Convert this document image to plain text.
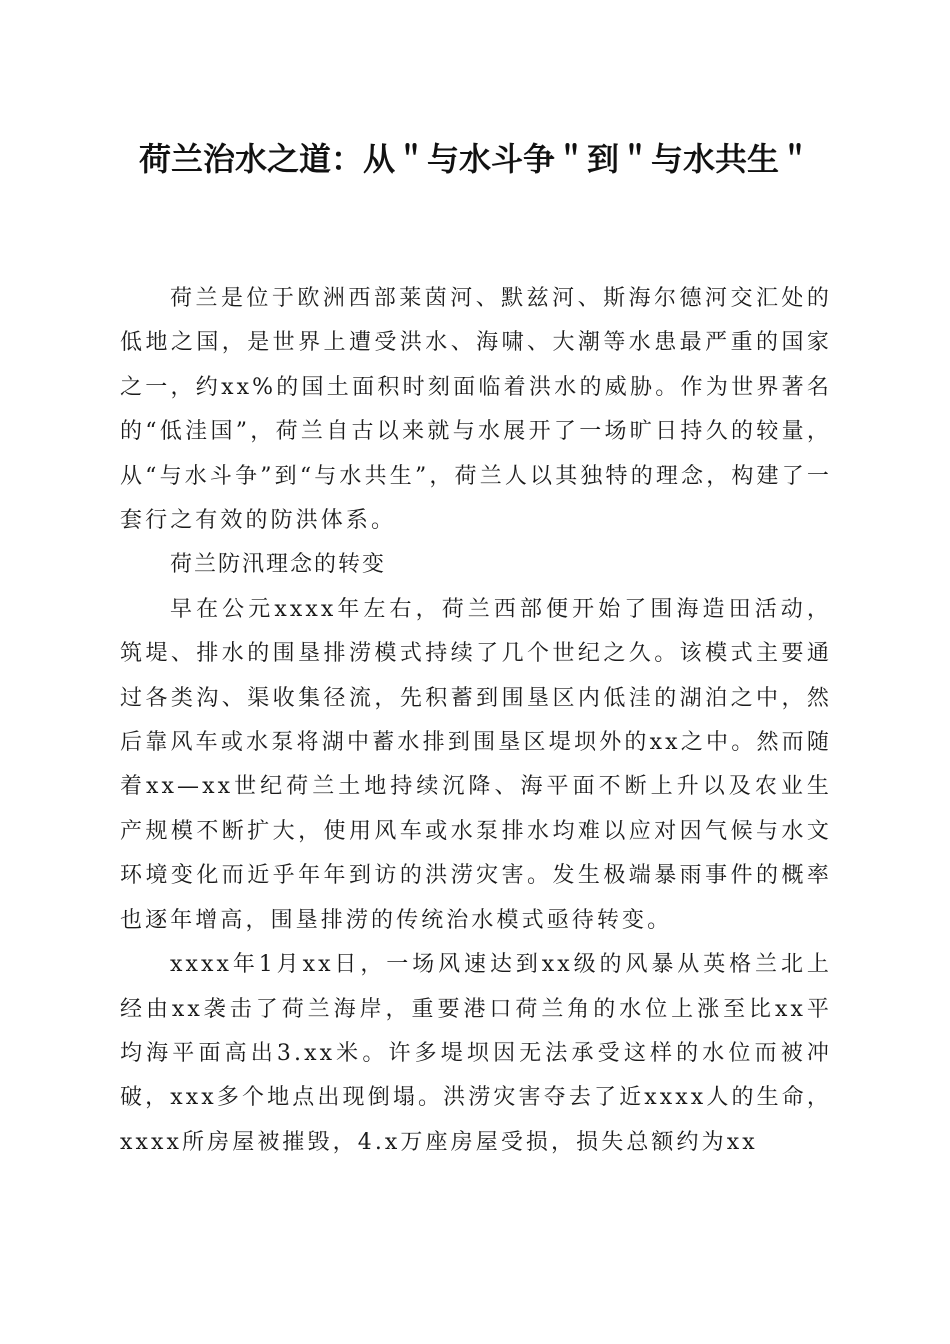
荷兰治水之道：从＂与水斗争＂到＂与水共生＂

荷兰是位于欧洲西部莱茵河、默兹河、斯海尔德河交汇处的低地之国，是世界上遭受洪水、海啸、大潮等水患最严重的国家之一，约xx%的国土面积时刻面临着洪水的威胁。作为世界著名的“低洼国”，荷兰自古以来就与水展开了一场旷日持久的较量，从“与水斗争”到“与水共生”，荷兰人以其独特的理念，构建了一套行之有效的防洪体系。

荷兰防汛理念的转变

早在公元xxxx年左右，荷兰西部便开始了围海造田活动，筑堤、排水的围垦排涝模式持续了几个世纪之久。该模式主要通过各类沟、渠收集径流，先积蓄到围垦区内低洼的湖泊之中，然后靠风车或水泵将湖中蓄水排到围垦区堤坝外的xx之中。然而随着xx—xx世纪荷兰土地持续沉降、海平面不断上升以及农业生产规模不断扩大，使用风车或水泵排水均难以应对因气候与水文环境变化而近乎年年到访的洪涝灾害。发生极端暴雨事件的概率也逐年增高，围垦排涝的传统治水模式亟待转变。

xxxx年1月xx日，一场风速达到xx级的风暴从英格兰北上经由xx袭击了荷兰海岸，重要港口荷兰角的水位上涨至比xx平均海平面高出3.xx米。许多堤坝因无法承受这样的水位而被冲破，xxx多个地点出现倒塌。洪涝灾害夺去了近xxxx人的生命，xxxx所房屋被摧毁，4.x万座房屋受损，损失总额约为xx
